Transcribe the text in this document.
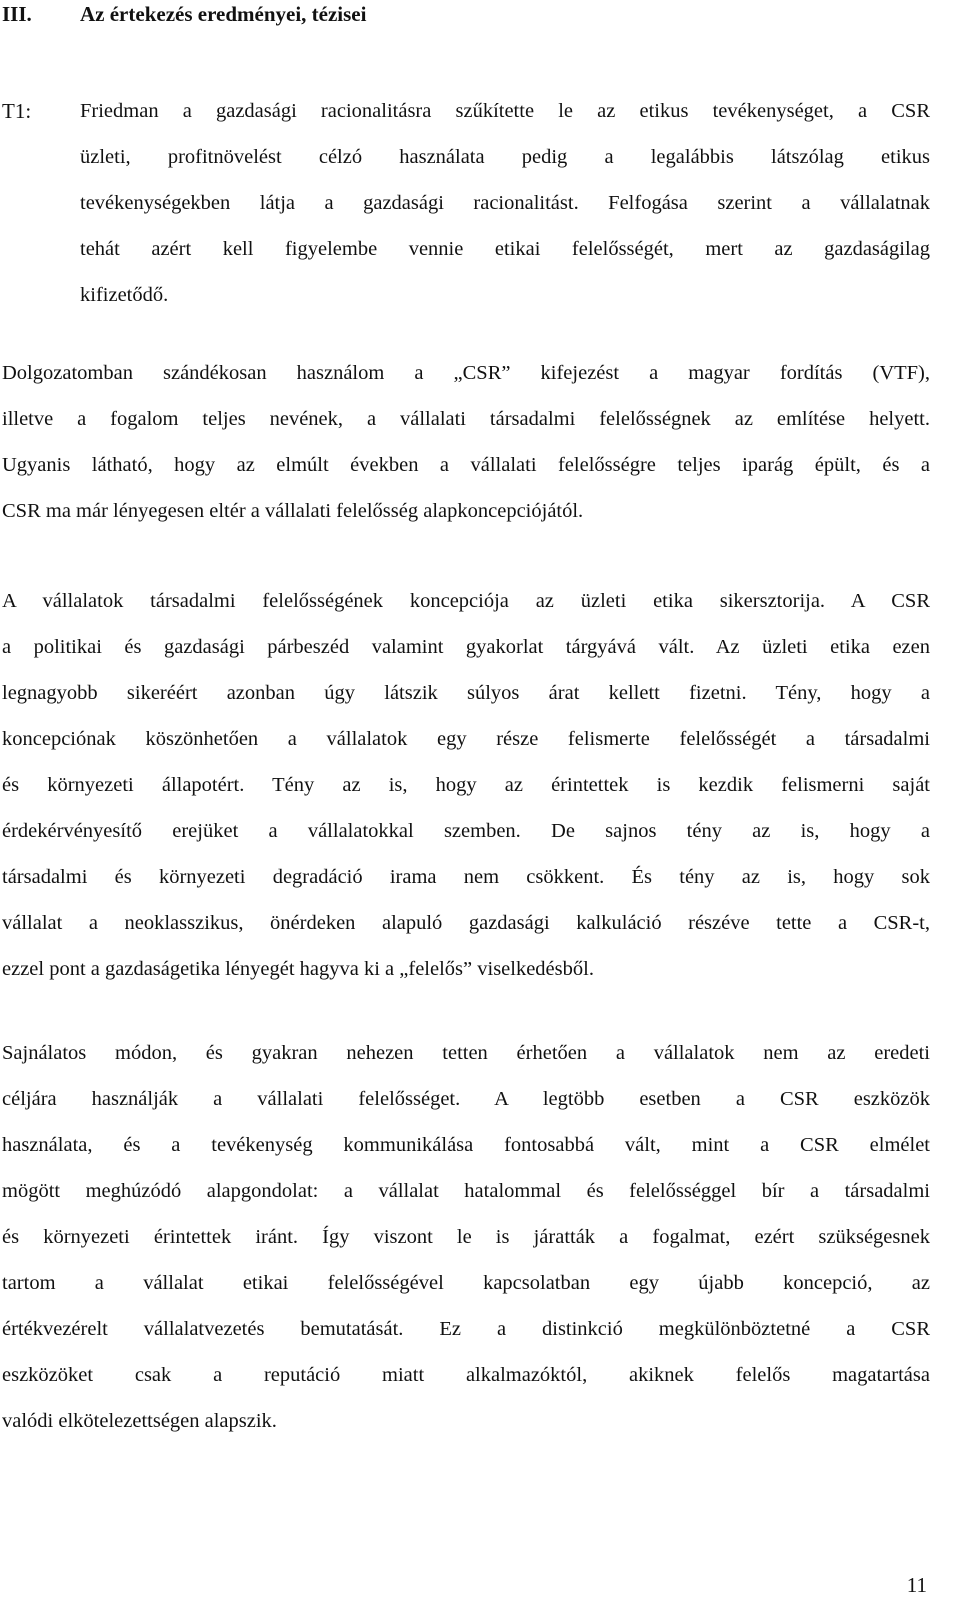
III. Az értekezés eredményei, tézisei
T1: Friedman a gazdasági racionalitásra szűkítette le az etikus tevékenységet, a CSR
üzleti, profitnövelést célzó használata pedig a legalábbis látszólag etikus
tevékenységekben látja a gazdasági racionalitást. Felfogása szerint a vállalatnak
tehát azért kell figyelembe vennie etikai felelősségét, mert az gazdaságilag
kifizetődő.
Dolgozatomban szándékosan használom a „CSR” kifejezést a magyar fordítás (VTF),
illetve a fogalom teljes nevének, a vállalati társadalmi felelősségnek az említése helyett.
Ugyanis látható, hogy az elmúlt években a vállalati felelősségre teljes iparág épült, és a
CSR ma már lényegesen eltér a vállalati felelősség alapkoncepciójától.
A vállalatok társadalmi felelősségének koncepciója az üzleti etika sikersztorija. A CSR
a politikai és gazdasági párbeszéd valamint gyakorlat tárgyává vált. Az üzleti etika ezen
legnagyobb sikeréért azonban úgy látszik súlyos árat kellett fizetni. Tény, hogy a
koncepciónak köszönhetően a vállalatok egy része felismerte felelősségét a társadalmi
és környezeti állapotért. Tény az is, hogy az érintettek is kezdik felismerni saját
érdekérvényesítő erejüket a vállalatokkal szemben. De sajnos tény az is, hogy a
társadalmi és környezeti degradáció irama nem csökkent. És tény az is, hogy sok
vállalat a neoklasszikus, önérdeken alapuló gazdasági kalkuláció részéve tette a CSR-t,
ezzel pont a gazdaságetika lényegét hagyva ki a „felelős” viselkedésből.
Sajnálatos módon, és gyakran nehezen tetten érhetően a vállalatok nem az eredeti
céljára használják a vállalati felelősséget. A legtöbb esetben a CSR eszközök
használata, és a tevékenység kommunikálása fontosabbá vált, mint a CSR elmélet
mögött meghúzódó alapgondolat: a vállalat hatalommal és felelősséggel bír a társadalmi
és környezeti érintettek iránt. Így viszont le is járatták a fogalmat, ezért szükségesnek
tartom a vállalat etikai felelősségével kapcsolatban egy újabb koncepció, az
értékvezérelt vállalatvezetés bemutatását. Ez a distinkció megkülönböztetné a CSR
eszközöket csak a reputáció miatt alkalmazóktól, akiknek felelős magatartása
valódi elkötelezettségen alapszik.
11
